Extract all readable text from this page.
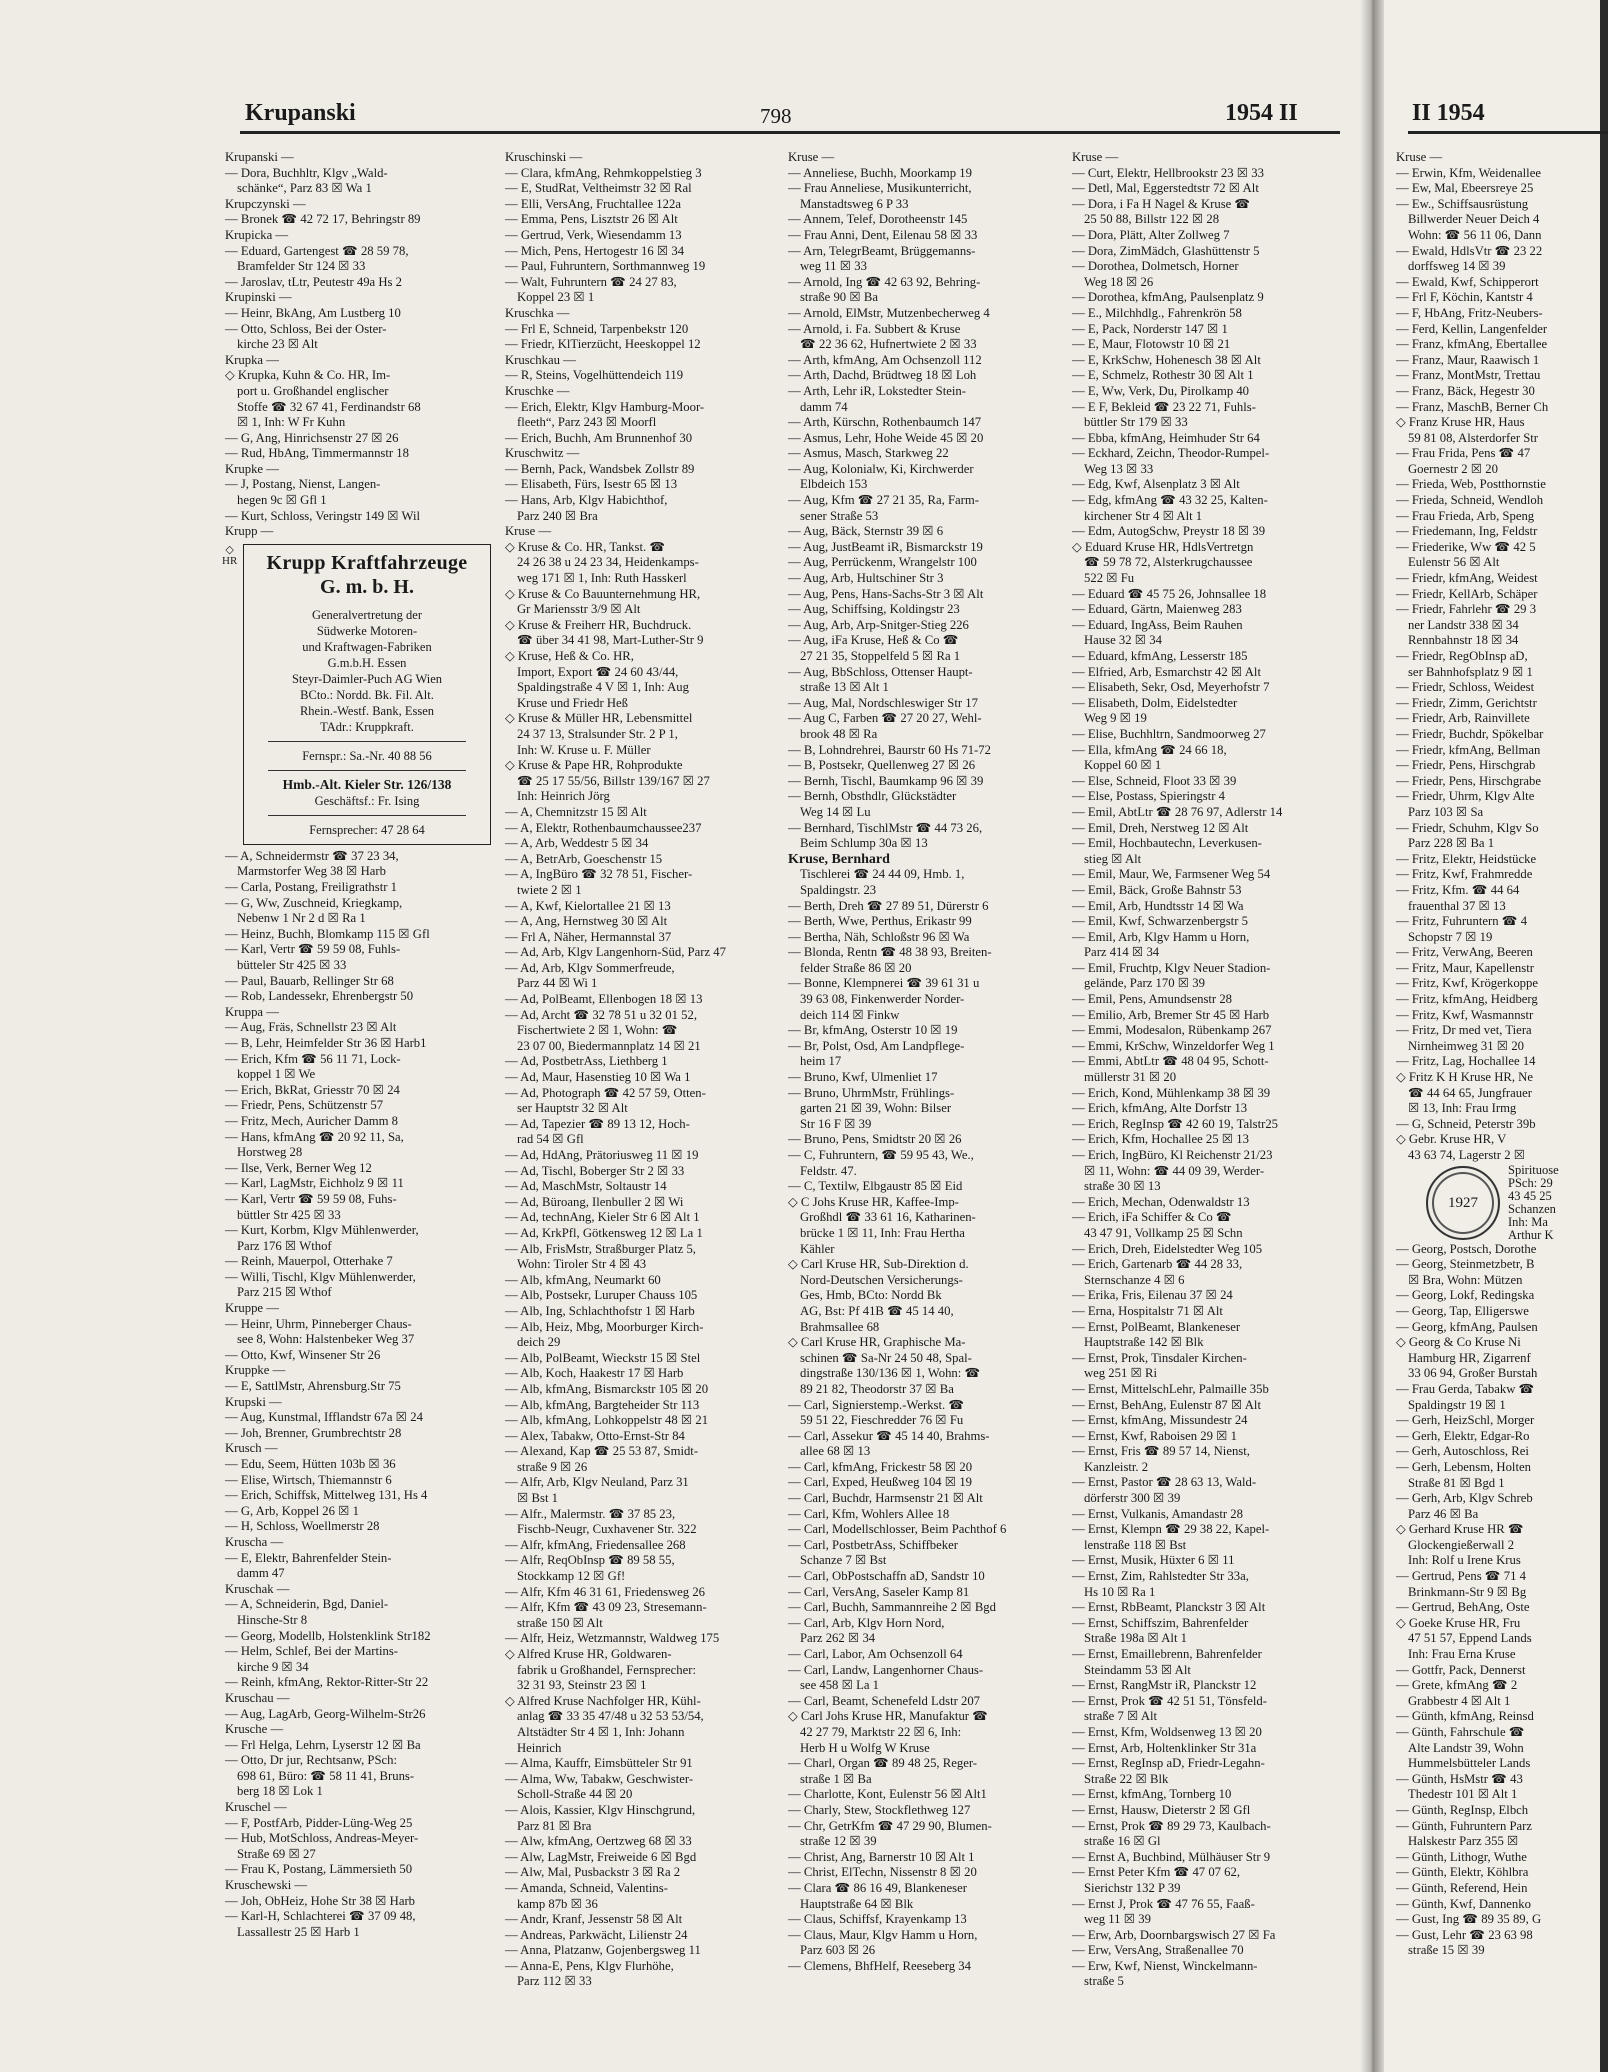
Krupanski	798	1954 II
Krupanski —
— Dora, Buchhltr, Klgv „Wald-
schänke“, Parz 83 ☒ Wa 1
Krupczynski —
— Bronek ☎ 42 72 17, Behringstr 89
Krupicka —
— Eduard, Gartengest ☎ 28 59 78,
Bramfelder Str 124 ☒ 33
— Jaroslav, tLtr, Peutestr 49a Hs 2
Krupinski —
— Heinr, BkAng, Am Lustberg 10
— Otto, Schloss, Bei der Oster-
kirche 23 ☒ Alt
Krupka —
◇ Krupka, Kuhn & Co. HR, Im-
port u. Großhandel englischer
Stoffe ☎ 32 67 41, Ferdinandstr 68
☒ 1, Inh: W Fr Kuhn
— G, Ang, Hinrichsenstr 27 ☒ 26
— Rud, HbAng, Timmermannstr 18
Krupke —
— J, Postang, Nienst, Langen-
hegen 9c ☒ Gfl 1
— Kurt, Schloss, Veringstr 149 ☒ Wil
Krupp —
◇
HR	Krupp Kraftfahrzeuge
G. m. b. H.
Generalvertretung der
Südwerke Motoren-
und Kraftwagen-Fabriken
G.m.b.H. Essen
Steyr-Daimler-Puch AG Wien
BCto.: Nordd. Bk. Fil. Alt.
Rhein.-Westf. Bank, Essen
TAdr.: Kruppkraft.
Fernspr.: Sa.-Nr. 40 88 56
Hmb.-Alt. Kieler Str. 126/138
Geschäftsf.: Fr. Ising
Fernsprecher: 47 28 64
— A, Schneidermstr ☎ 37 23 34,
Marmstorfer Weg 38 ☒ Harb
— Carla, Postang, Freiligrathstr 1
— G, Ww, Zuschneid, Kriegkamp,
Nebenw 1 Nr 2 d ☒ Ra 1
— Heinz, Buchh, Blomkamp 115 ☒ Gfl
— Karl, Vertr ☎ 59 59 08, Fuhls-
bütteler Str 425 ☒ 33
— Paul, Bauarb, Rellinger Str 68
— Rob, Landessekr, Ehrenbergstr 50
Kruppa —
— Aug, Fräs, Schnellstr 23 ☒ Alt
— B, Lehr, Heimfelder Str 36 ☒ Harb1
— Erich, Kfm ☎ 56 11 71, Lock-
koppel 1 ☒ We
— Erich, BkRat, Griesstr 70 ☒ 24
— Friedr, Pens, Schützenstr 57
— Fritz, Mech, Auricher Damm 8
— Hans, kfmAng ☎ 20 92 11, Sa,
Horstweg 28
— Ilse, Verk, Berner Weg 12
— Karl, LagMstr, Eichholz 9 ☒ 11
— Karl, Vertr ☎ 59 59 08, Fuhs-
büttler Str 425 ☒ 33
— Kurt, Korbm, Klgv Mühlenwerder,
Parz 176 ☒ Wthof
— Reinh, Mauerpol, Otterhake 7
— Willi, Tischl, Klgv Mühlenwerder,
Parz 215 ☒ Wthof
Kruppe —
— Heinr, Uhrm, Pinneberger Chaus-
see 8, Wohn: Halstenbeker Weg 37
— Otto, Kwf, Winsener Str 26
Kruppke —
— E, SattlMstr, Ahrensburg.Str 75
Krupski —
— Aug, Kunstmal, Ifflandstr 67a ☒ 24
— Joh, Brenner, Grumbrechtstr 28
Krusch —
— Edu, Seem, Hütten 103b ☒ 36
— Elise, Wirtsch, Thiemannstr 6
— Erich, Schiffsk, Mittelweg 131, Hs 4
— G, Arb, Koppel 26 ☒ 1
— H, Schloss, Woellmerstr 28
Kruscha —
— E, Elektr, Bahrenfelder Stein-
damm 47
Kruschak —
— A, Schneiderin, Bgd, Daniel-
Hinsche-Str 8
— Georg, Modellb, Holstenklink Str182
— Helm, Schlef, Bei der Martins-
kirche 9 ☒ 34
— Reinh, kfmAng, Rektor-Ritter-Str 22
Kruschau —
— Aug, LagArb, Georg-Wilhelm-Str26
Krusche —
— Frl Helga, Lehrn, Lyserstr 12 ☒ Ba
— Otto, Dr jur, Rechtsanw, PSch:
698 61, Büro: ☎ 58 11 41, Bruns-
berg 18 ☒ Lok 1
Kruschel —
— F, PostfArb, Pidder-Lüng-Weg 25
— Hub, MotSchloss, Andreas-Meyer-
Straße 69 ☒ 27
— Frau K, Postang, Lämmersieth 50
Kruschewski —
— Joh, ObHeiz, Hohe Str 38 ☒ Harb
— Karl-H, Schlachterei ☎ 37 09 48,
Lassallestr 25 ☒ Harb 1
Kruschinski —
— Clara, kfmAng, Rehmkoppelstieg 3
— E, StudRat, Veltheimstr 32 ☒ Ral
— Elli, VersAng, Fruchtallee 122a
— Emma, Pens, Lisztstr 26 ☒ Alt
— Gertrud, Verk, Wiesendamm 13
— Mich, Pens, Hertogestr 16 ☒ 34
— Paul, Fuhruntern, Sorthmannweg 19
— Walt, Fuhruntern ☎ 24 27 83,
Koppel 23 ☒ 1
Kruschka —
— Frl E, Schneid, Tarpenbekstr 120
— Friedr, KlTierzücht, Heeskoppel 12
Kruschkau —
— R, Steins, Vogelhüttendeich 119
Kruschke —
— Erich, Elektr, Klgv Hamburg-Moor-
fleeth“, Parz 243 ☒ Moorfl
— Erich, Buchh, Am Brunnenhof 30
Kruschwitz —
— Bernh, Pack, Wandsbek Zollstr 89
— Elisabeth, Fürs, Isestr 65 ☒ 13
— Hans, Arb, Klgv Habichthof,
Parz 240 ☒ Bra
Kruse —
◇ Kruse & Co. HR, Tankst. ☎
24 26 38 u 24 23 34, Heidenkamps-
weg 171 ☒ 1, Inh: Ruth Hasskerl
◇ Kruse & Co Bauunternehmung HR,
Gr Mariensstr 3/9 ☒ Alt
◇ Kruse & Freiherr HR, Buchdruck.
☎ über 34 41 98, Mart-Luther-Str 9
◇ Kruse, Heß & Co. HR,
Import, Export ☎ 24 60 43/44,
Spaldingstraße 4 V ☒ 1, Inh: Aug
Kruse und Friedr Heß
◇ Kruse & Müller HR, Lebensmittel
24 37 13, Stralsunder Str. 2 P 1,
Inh: W. Kruse u. F. Müller
◇ Kruse & Pape HR, Rohprodukte
☎ 25 17 55/56, Billstr 139/167 ☒ 27
Inh: Heinrich Jörg
— A, Chemnitzstr 15 ☒ Alt
— A, Elektr, Rothenbaumchaussee237
— A, Arb, Weddestr 5 ☒ 34
— A, BetrArb, Goeschenstr 15
— A, IngBüro ☎ 32 78 51, Fischer-
twiete 2 ☒ 1
— A, Kwf, Kielortallee 21 ☒ 13
— A, Ang, Hernstweg 30 ☒ Alt
— Frl A, Näher, Hermannstal 37
— Ad, Arb, Klgv Langenhorn-Süd, Parz 47
— Ad, Arb, Klgv Sommerfreude,
Parz 44 ☒ Wi 1
— Ad, PolBeamt, Ellenbogen 18 ☒ 13
— Ad, Archt ☎ 32 78 51 u 32 01 52,
Fischertwiete 2 ☒ 1, Wohn: ☎
23 07 00, Biedermannplatz 14 ☒ 21
— Ad, PostbetrAss, Liethberg 1
— Ad, Maur, Hasenstieg 10 ☒ Wa 1
— Ad, Photograph ☎ 42 57 59, Otten-
ser Hauptstr 32 ☒ Alt
— Ad, Tapezier ☎ 89 13 12, Hoch-
rad 54 ☒ Gfl
— Ad, HdAng, Prätoriusweg 11 ☒ 19
— Ad, Tischl, Boberger Str 2 ☒ 33
— Ad, MaschMstr, Soltaustr 14
— Ad, Büroang, Ilenbuller 2 ☒ Wi
— Ad, technAng, Kieler Str 6 ☒ Alt 1
— Ad, KrkPfl, Götkensweg 12 ☒ La 1
— Alb, FrisMstr, Straßburger Platz 5,
Wohn: Tiroler Str 4 ☒ 43
— Alb, kfmAng, Neumarkt 60
— Alb, Postsekr, Luruper Chauss 105
— Alb, Ing, Schlachthofstr 1 ☒ Harb
— Alb, Heiz, Mbg, Moorburger Kirch-
deich 29
— Alb, PolBeamt, Wieckstr 15 ☒ Stel
— Alb, Koch, Haakestr 17 ☒ Harb
— Alb, kfmAng, Bismarckstr 105 ☒ 20
— Alb, kfmAng, Bargteheider Str 113
— Alb, kfmAng, Lohkoppelstr 48 ☒ 21
— Alex, Tabakw, Otto-Ernst-Str 84
— Alexand, Kap ☎ 25 53 87, Smidt-
straße 9 ☒ 26
— Alfr, Arb, Klgv Neuland, Parz 31
☒ Bst 1
— Alfr., Malermstr. ☎ 37 85 23,
Fischb-Neugr, Cuxhavener Str. 322
— Alfr, kfmAng, Friedensallee 268
— Alfr, ReqObInsp ☎ 89 58 55,
Stockkamp 12 ☒ Gf!
— Alfr, Kfm 46 31 61, Friedensweg 26
— Alfr, Kfm ☎ 43 09 23, Stresemann-
straße 150 ☒ Alt
— Alfr, Heiz, Wetzmannstr, Waldweg 175
◇ Alfred Kruse HR, Goldwaren-
fabrik u Großhandel, Fernsprecher:
32 31 93, Steinstr 23 ☒ 1
◇ Alfred Kruse Nachfolger HR, Kühl-
anlag ☎ 33 35 47/48 u 32 53 53/54,
Altstädter Str 4 ☒ 1, Inh: Johann
Heinrich
— Alma, Kauffr, Eimsbütteler Str 91
— Alma, Ww, Tabakw, Geschwister-
Scholl-Straße 44 ☒ 20
— Alois, Kassier, Klgv Hinschgrund,
Parz 81 ☒ Bra
— Alw, kfmAng, Oertzweg 68 ☒ 33
— Alw, LagMstr, Freiweide 6 ☒ Bgd
— Alw, Mal, Pusbackstr 3 ☒ Ra 2
— Amanda, Schneid, Valentins-
kamp 87b ☒ 36
— Andr, Kranf, Jessenstr 58 ☒ Alt
— Andreas, Parkwächt, Lilienstr 24
— Anna, Platzanw, Gojenbergsweg 11
— Anna-E, Pens, Klgv Flurhöhe,
Parz 112 ☒ 33
Kruse —
— Anneliese, Buchh, Moorkamp 19
— Frau Anneliese, Musikunterricht,
Manstadtsweg 6 P 33
— Annem, Telef, Dorotheenstr 145
— Frau Anni, Dent, Eilenau 58 ☒ 33
— Arn, TelegrBeamt, Brüggemanns-
weg 11 ☒ 33
— Arnold, Ing ☎ 42 63 92, Behring-
straße 90 ☒ Ba
— Arnold, ElMstr, Mutzenbecherweg 4
— Arnold, i. Fa. Subbert & Kruse
☎ 22 36 62, Hufnertwiete 2 ☒ 33
— Arth, kfmAng, Am Ochsenzoll 112
— Arth, Dachd, Brüdtweg 18 ☒ Loh
— Arth, Lehr iR, Lokstedter Stein-
damm 74
— Arth, Kürschn, Rothenbaumch 147
— Asmus, Lehr, Hohe Weide 45 ☒ 20
— Asmus, Masch, Starkweg 22
— Aug, Kolonialw, Ki, Kirchwerder
Elbdeich 153
— Aug, Kfm ☎ 27 21 35, Ra, Farm-
sener Straße 53
— Aug, Bäck, Sternstr 39 ☒ 6
— Aug, JustBeamt iR, Bismarckstr 19
— Aug, Perrückenm, Wrangelstr 100
— Aug, Arb, Hultschiner Str 3
— Aug, Pens, Hans-Sachs-Str 3 ☒ Alt
— Aug, Schiffsing, Koldingstr 23
— Aug, Arb, Arp-Snitger-Stieg 226
— Aug, iFa Kruse, Heß & Co ☎
27 21 35, Stoppelfeld 5 ☒ Ra 1
— Aug, BbSchloss, Ottenser Haupt-
straße 13 ☒ Alt 1
— Aug, Mal, Nordschleswiger Str 17
— Aug C, Farben ☎ 27 20 27, Wehl-
brook 48 ☒ Ra
— B, Lohndrehrei, Baurstr 60 Hs 71-72
— B, Postsekr, Quellenweg 27 ☒ 26
— Bernh, Tischl, Baumkamp 96 ☒ 39
— Bernh, Obsthdlr, Glückstädter
Weg 14 ☒ Lu
— Bernhard, TischlMstr ☎ 44 73 26,
Beim Schlump 30a ☒ 13
Kruse, Bernhard
Tischlerei ☎ 24 44 09, Hmb. 1,
Spaldingstr. 23
— Berth, Dreh ☎ 27 89 51, Dürerstr 6
— Berth, Wwe, Perthus, Erikastr 99
— Bertha, Näh, Schloßstr 96 ☒ Wa
— Blonda, Rentn ☎ 48 38 93, Breiten-
felder Straße 86 ☒ 20
— Bonne, Klempnerei ☎ 39 61 31 u
39 63 08, Finkenwerder Norder-
deich 114 ☒ Finkw
— Br, kfmAng, Osterstr 10 ☒ 19
— Br, Polst, Osd, Am Landpflege-
heim 17
— Bruno, Kwf, Ulmenliet 17
— Bruno, UhrmMstr, Frühlings-
garten 21 ☒ 39, Wohn: Bilser
Str 16 F ☒ 39
— Bruno, Pens, Smidtstr 20 ☒ 26
— C, Fuhruntern, ☎ 59 95 43, We.,
Feldstr. 47.
— C, Textilw, Elbgaustr 85 ☒ Eid
◇ C Johs Kruse HR, Kaffee-Imp-
Großhdl ☎ 33 61 16, Katharinen-
brücke 1 ☒ 11, Inh: Frau Hertha
Kähler
◇ Carl Kruse HR, Sub-Direktion d.
Nord-Deutschen Versicherungs-
Ges, Hmb, BCto: Nordd Bk
AG, Bst: Pf 41B ☎ 45 14 40,
Brahmsallee 68
◇ Carl Kruse HR, Graphische Ma-
schinen ☎ Sa-Nr 24 50 48, Spal-
dingstraße 130/136 ☒ 1, Wohn: ☎
89 21 82, Theodorstr 37 ☒ Ba
— Carl, Signierstemp.-Werkst. ☎
59 51 22, Fieschredder 76 ☒ Fu
— Carl, Assekur ☎ 45 14 40, Brahms-
allee 68 ☒ 13
— Carl, kfmAng, Frickestr 58 ☒ 20
— Carl, Exped, Heußweg 104 ☒ 19
— Carl, Buchdr, Harmsenstr 21 ☒ Alt
— Carl, Kfm, Wohlers Allee 18
— Carl, Modellschlosser, Beim Pachthof 6
— Carl, PostbetrAss, Schiffbeker
Schanze 7 ☒ Bst
— Carl, ObPostschaffn aD, Sandstr 10
— Carl, VersAng, Saseler Kamp 81
— Carl, Buchh, Sammannreihe 2 ☒ Bgd
— Carl, Arb, Klgv Horn Nord,
Parz 262 ☒ 34
— Carl, Labor, Am Ochsenzoll 64
— Carl, Landw, Langenhorner Chaus-
see 458 ☒ La 1
— Carl, Beamt, Schenefeld Ldstr 207
◇ Carl Johs Kruse HR, Manufaktur ☎
42 27 79, Marktstr 22 ☒ 6, Inh:
Herb H u Wolfg W Kruse
— Charl, Organ ☎ 89 48 25, Reger-
straße 1 ☒ Ba
— Charlotte, Kont, Eulenstr 56 ☒ Alt1
— Charly, Stew, Stockflethweg 127
— Chr, GetrKfm ☎ 47 29 90, Blumen-
straße 12 ☒ 39
— Christ, Ang, Barnerstr 10 ☒ Alt 1
— Christ, ElTechn, Nissenstr 8 ☒ 20
— Clara ☎ 86 16 49, Blankeneser
Hauptstraße 64 ☒ Blk
— Claus, Schiffsf, Krayenkamp 13
— Claus, Maur, Klgv Hamm u Horn,
Parz 603 ☒ 26
— Clemens, BhfHelf, Reeseberg 34
Kruse —
— Curt, Elektr, Hellbrookstr 23 ☒ 33
— Detl, Mal, Eggerstedtstr 72 ☒ Alt
— Dora, i Fa H Nagel & Kruse ☎
25 50 88, Billstr 122 ☒ 28
— Dora, Plätt, Alter Zollweg 7
— Dora, ZimMädch, Glashüttenstr 5
— Dorothea, Dolmetsch, Horner
Weg 18 ☒ 26
— Dorothea, kfmAng, Paulsenplatz 9
— E., Milchhdlg., Fahrenkrön 58
— E, Pack, Norderstr 147 ☒ 1
— E, Maur, Flotowstr 10 ☒ 21
— E, KrkSchw, Hohenesch 38 ☒ Alt
— E, Schmelz, Rothestr 30 ☒ Alt 1
— E, Ww, Verk, Du, Pirolkamp 40
— E F, Bekleid ☎ 23 22 71, Fuhls-
büttler Str 179 ☒ 33
— Ebba, kfmAng, Heimhuder Str 64
— Eckhard, Zeichn, Theodor-Rumpel-
Weg 13 ☒ 33
— Edg, Kwf, Alsenplatz 3 ☒ Alt
— Edg, kfmAng ☎ 43 32 25, Kalten-
kirchener Str 4 ☒ Alt 1
— Edm, AutogSchw, Preystr 18 ☒ 39
◇ Eduard Kruse HR, HdlsVertretgn
☎ 59 78 72, Alsterkrugchaussee
522 ☒ Fu
— Eduard ☎ 45 75 26, Johnsallee 18
— Eduard, Gärtn, Maienweg 283
— Eduard, IngAss, Beim Rauhen
Hause 32 ☒ 34
— Eduard, kfmAng, Lesserstr 185
— Elfried, Arb, Esmarchstr 42 ☒ Alt
— Elisabeth, Sekr, Osd, Meyerhofstr 7
— Elisabeth, Dolm, Eidelstedter
Weg 9 ☒ 19
— Elise, Buchhltrn, Sandmoorweg 27
— Ella, kfmAng ☎ 24 66 18,
Koppel 60 ☒ 1
— Else, Schneid, Floot 33 ☒ 39
— Else, Postass, Spieringstr 4
— Emil, AbtLtr ☎ 28 76 97, Adlerstr 14
— Emil, Dreh, Nerstweg 12 ☒ Alt
— Emil, Hochbautechn, Leverkusen-
stieg ☒ Alt
— Emil, Maur, We, Farmsener Weg 54
— Emil, Bäck, Große Bahnstr 53
— Emil, Arb, Hundtsstr 14 ☒ Wa
— Emil, Kwf, Schwarzenbergstr 5
— Emil, Arb, Klgv Hamm u Horn,
Parz 414 ☒ 34
— Emil, Fruchtp, Klgv Neuer Stadion-
gelände, Parz 170 ☒ 39
— Emil, Pens, Amundsenstr 28
— Emilio, Arb, Bremer Str 45 ☒ Harb
— Emmi, Modesalon, Rübenkamp 267
— Emmi, KrSchw, Winzeldorfer Weg 1
— Emmi, AbtLtr ☎ 48 04 95, Schott-
müllerstr 31 ☒ 20
— Erich, Kond, Mühlenkamp 38 ☒ 39
— Erich, kfmAng, Alte Dorfstr 13
— Erich, RegInsp ☎ 42 60 19, Talstr25
— Erich, Kfm, Hochallee 25 ☒ 13
— Erich, IngBüro, Kl Reichenstr 21/23
☒ 11, Wohn: ☎ 44 09 39, Werder-
straße 30 ☒ 13
— Erich, Mechan, Odenwaldstr 13
— Erich, iFa Schiffer & Co ☎
43 47 91, Vollkamp 25 ☒ Schn
— Erich, Dreh, Eidelstedter Weg 105
— Erich, Gartenarb ☎ 44 28 33,
Sternschanze 4 ☒ 6
— Erika, Fris, Eilenau 37 ☒ 24
— Erna, Hospitalstr 71 ☒ Alt
— Ernst, PolBeamt, Blankeneser
Hauptstraße 142 ☒ Blk
— Ernst, Prok, Tinsdaler Kirchen-
weg 251 ☒ Ri
— Ernst, MittelschLehr, Palmaille 35b
— Ernst, BehAng, Eulenstr 87 ☒ Alt
— Ernst, kfmAng, Missundestr 24
— Ernst, Kwf, Raboisen 29 ☒ 1
— Ernst, Fris ☎ 89 57 14, Nienst,
Kanzleistr. 2
— Ernst, Pastor ☎ 28 63 13, Wald-
dörferstr 300 ☒ 39
— Ernst, Vulkanis, Amandastr 28
— Ernst, Klempn ☎ 29 38 22, Kapel-
lenstraße 118 ☒ Bst
— Ernst, Musik, Hüxter 6 ☒ 11
— Ernst, Zim, Rahlstedter Str 33a,
Hs 10 ☒ Ra 1
— Ernst, RbBeamt, Planckstr 3 ☒ Alt
— Ernst, Schiffszim, Bahrenfelder
Straße 198a ☒ Alt 1
— Ernst, Emaillebrenn, Bahrenfelder
Steindamm 53 ☒ Alt
— Ernst, RangMstr iR, Planckstr 12
— Ernst, Prok ☎ 42 51 51, Tönsfeld-
straße 7 ☒ Alt
— Ernst, Kfm, Woldsenweg 13 ☒ 20
— Ernst, Arb, Holtenklinker Str 31a
— Ernst, RegInsp aD, Friedr-Legahn-
Straße 22 ☒ Blk
— Ernst, kfmAng, Tornberg 10
— Ernst, Hausw, Dieterstr 2 ☒ Gfl
— Ernst, Prok ☎ 89 29 73, Kaulbach-
straße 16 ☒ Gl
— Ernst A, Buchbind, Mülhäuser Str 9
— Ernst Peter Kfm ☎ 47 07 62,
Sierichstr 132 P 39
— Ernst J, Prok ☎ 47 76 55, Faaß-
weg 11 ☒ 39
— Erw, Arb, Doornbargswisch 27 ☒ Fa
— Erw, VersAng, Straßenallee 70
— Erw, Kwf, Nienst, Winckelmann-
straße 5
II 1954
Kruse —
— Erwin, Kfm, Weidenallee
— Ew, Mal, Ebeersreye 25
— Ew., Schiffsausrüstung
Billwerder Neuer Deich 4
Wohn: ☎ 56 11 06, Dann
— Ewald, HdlsVtr ☎ 23 22
dorffsweg 14 ☒ 39
— Ewald, Kwf, Schipperort
— Frl F, Köchin, Kantstr 4
— F, HbAng, Fritz-Neubers-
— Ferd, Kellin, Langenfelder
— Franz, kfmAng, Ebertallee
— Franz, Maur, Raawisch 1
— Franz, MontMstr, Trettau
— Franz, Bäck, Hegestr 30
— Franz, MaschB, Berner Ch
◇ Franz Kruse HR, Haus
59 81 08, Alsterdorfer Str
— Frau Frida, Pens ☎ 47
Goernestr 2 ☒ 20
— Frieda, Web, Postthornstie
— Frieda, Schneid, Wendloh
— Frau Frieda, Arb, Speng
— Friedemann, Ing, Feldstr
— Friederike, Ww ☎ 42 5
Eulenstr 56 ☒ Alt
— Friedr, kfmAng, Weidest
— Friedr, KellArb, Schäper
— Friedr, Fahrlehr ☎ 29 3
ner Landstr 338 ☒ 34
Rennbahnstr 18 ☒ 34
— Friedr, RegObInsp aD,
ser Bahnhofsplatz 9 ☒ 1
— Friedr, Schloss, Weidest
— Friedr, Zimm, Gerichtstr
— Friedr, Arb, Rainvillete
— Friedr, Buchdr, Spökelbar
— Friedr, kfmAng, Bellman
— Friedr, Pens, Hirschgrab
— Friedr, Pens, Hirschgrabe
— Friedr, Uhrm, Klgv Alte
Parz 103 ☒ Sa
— Friedr, Schuhm, Klgv So
Parz 228 ☒ Ba 1
— Fritz, Elektr, Heidstücke
— Fritz, Kwf, Frahmredde
— Fritz, Kfm. ☎ 44 64
frauenthal 37 ☒ 13
— Fritz, Fuhruntern ☎ 4
Schopstr 7 ☒ 19
— Fritz, VerwAng, Beeren
— Fritz, Maur, Kapellenstr
— Fritz, Kwf, Krögerkoppe
— Fritz, kfmAng, Heidberg
— Fritz, Kwf, Wasmannstr
— Fritz, Dr med vet, Tiera
Nirnheimweg 31 ☒ 20
— Fritz, Lag, Hochallee 14
◇ Fritz K H Kruse HR, Ne
☎ 44 64 65, Jungfrauer
☒ 13, Inh: Frau Irmg
— G, Schneid, Peterstr 39b
◇ Gebr. Kruse HR, V
43 63 74, Lagerstr 2 ☒
1927
Spirituose
PSch: 29
43 45 25
Schanzen
Inh: Ma
Arthur K
— Georg, Postsch, Dorothe
— Georg, Steinmetzbetr, B
☒ Bra, Wohn: Mützen
— Georg, Lokf, Redingska
— Georg, Tap, Elligerswe
— Georg, kfmAng, Paulsen
◇ Georg & Co Kruse Ni
Hamburg HR, Zigarrenf
33 06 94, Großer Burstah
— Frau Gerda, Tabakw ☎
Spaldingstr 19 ☒ 1
— Gerh, HeizSchl, Morger
— Gerh, Elektr, Edgar-Ro
— Gerh, Autoschloss, Rei
— Gerh, Lebensm, Holten
Straße 81 ☒ Bgd 1
— Gerh, Arb, Klgv Schreb
Parz 46 ☒ Ba
◇ Gerhard Kruse HR ☎
Glockengießerwall 2
Inh: Rolf u Irene Krus
— Gertrud, Pens ☎ 71 4
Brinkmann-Str 9 ☒ Bg
— Gertrud, BehAng, Oste
◇ Goeke Kruse HR, Fru
47 51 57, Eppend Lands
Inh: Frau Erna Kruse
— Gottfr, Pack, Dennerst
— Grete, kfmAng ☎ 2
Grabbestr 4 ☒ Alt 1
— Günth, kfmAng, Reinsd
— Günth, Fahrschule ☎
Alte Landstr 39, Wohn
Hummelsbütteler Lands
— Günth, HsMstr ☎ 43
Thedestr 101 ☒ Alt 1
— Günth, RegInsp, Elbch
— Günth, Fuhruntern Parz
Halskestr Parz 355 ☒
— Günth, Lithogr, Wuthe
— Günth, Elektr, Köhlbra
— Günth, Referend, Hein
— Günth, Kwf, Dannenko
— Gust, Ing ☎ 89 35 89, G
— Gust, Lehr ☎ 23 63 98
straße 15 ☒ 39
